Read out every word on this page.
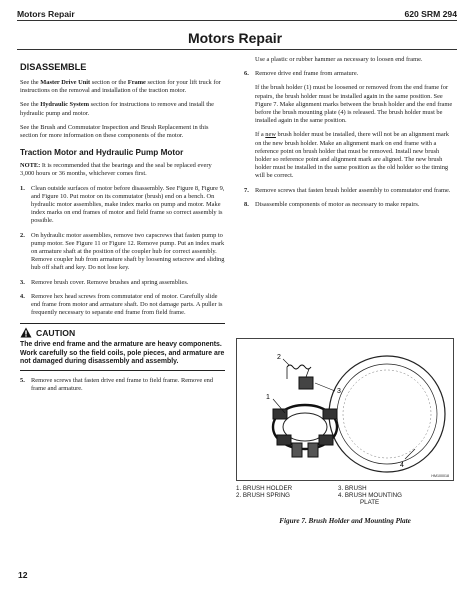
Motors Repair	620 SRM 294
Motors Repair
DISASSEMBLE

See the Master Drive Unit section or the Frame section for your lift truck for instructions on the removal and installation of the traction motor.

See the Hydraulic System section for instructions to remove and install the hydraulic pump and motor.

See the Brush and Commutator Inspection and Brush Replacement in this section for more information on these components of the motor.

Traction Motor and Hydraulic Pump Motor

NOTE: It is recommended that the bearings and the seal be replaced every 3,000 hours or 36 months, whichever comes first.

1. Clean outside surfaces of motor before disassembly. See Figure 8, Figure 9, and Figure 10. Put motor on its commutator (brush) end on a bench. On hydraulic motor assemblies, make index marks on pump and motor. Make index marks on end frames of motor and field frame so correct assembly is possible.
2. On hydraulic motor assemblies, remove two capscrews that fasten pump to pump motor. See Figure 11 or Figure 12. Remove pump. Put an index mark on armature shaft at the position of the coupler hub for correct assembly. Remove coupler hub from armature shaft by loosening setscrew and sliding hub off shaft and key. Do not lose key.
3. Remove brush cover. Remove brushes and spring assemblies.
4. Remove hex head screws from commutator end of motor. Carefully slide end frame from motor and armature shaft. Do not damage parts. A puller is frequently necessary to separate end frame from field frame.
CAUTION
The drive end frame and the armature are heavy components. Work carefully so the field coils, pole pieces, and armature are not damaged during disassembly and assembly.
5. Remove screws that fasten drive end frame to field frame. Remove end frame and armature.

Use a plastic or rubber hammer as necessary to loosen end frame.

6. Remove drive end frame from armature.

If the brush holder (1) must be loosened or removed from the end frame for repairs, the brush holder must be installed again in the same position. See Figure 7. Make alignment marks between the brush holder and the end frame before the brush mounting plate (4) is released. The brush holder must be installed again in the same position.

If a new brush holder must be installed, there will not be an alignment mark on the new brush holder. Make an alignment mark on end frame with a reference point on brush holder that must be removed. Install new brush holder so reference point and alignment mark are aligned. The new brush holder must be installed in the same position as the old holder so the timing will be correct.

7. Remove screws that fasten brush holder assembly to commutator end frame.
8. Disassemble components of motor as necessary to make repairs.
1
2
3
4
HM100018
1. BRUSH HOLDER
2. BRUSH SPRING
3. BRUSH
4. BRUSH MOUNTING
PLATE
Figure 7. Brush Holder and Mounting Plate
12
